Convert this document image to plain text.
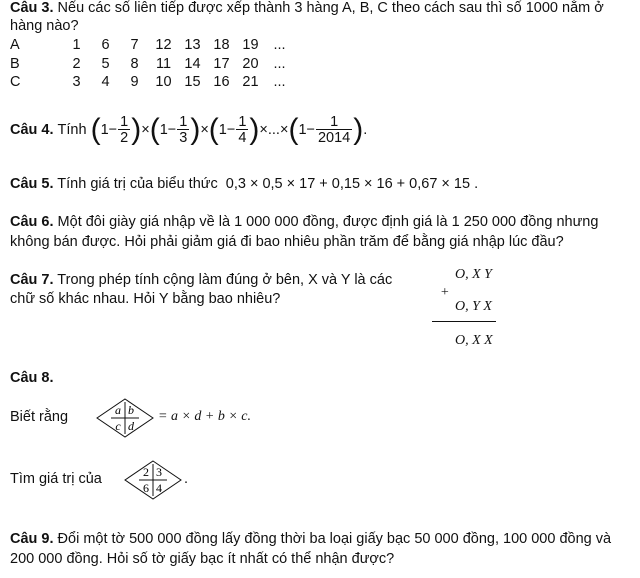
Câu 3. Nếu các số liên tiếp được xếp thành 3 hàng A, B, C theo cách sau thì số 1000 nằm ở
hàng nào?
A	1	6	7	12	13	18	19	...
B	2	5	8	11	14	17	20	...
C	3	4	9	10	15	16	21	...
Câu 4.
Tính
( $1 - \frac{1}{2}$ ) × ( $1 - \frac{1}{3}$ ) × ( $1 - \frac{1}{4}$ ) × ... × ( $1 - \frac{1}{2014}$ ) .
Câu 5. Tính giá trị của biểu thức 0,3 × 0,5 × 17 + 0,15 × 16 + 0,67 × 15 .
Câu 6. Một đôi giày giá nhập về là 1 000 000 đồng, được định giá là 1 250 000 đồng nhưng
không bán được. Hỏi phải giảm giá đi bao nhiêu phần trăm để bằng giá nhập lúc đầu?
Câu 7. Trong phép tính cộng làm đúng ở bên, X và Y là các
chữ số khác nhau. Hỏi Y bằng bao nhiêu?
O, X Y
+
O, Y X
O, X X
Câu 8.
Biết rằng	a b
c d
= a × d + b × c.
Tìm giá trị của	2 3
6 4
.
Câu 9. Đổi một tờ 500 000 đồng lấy đồng thời ba loại giấy bạc 50 000 đồng, 100 000 đồng và
200 000 đồng. Hỏi số tờ giấy bạc ít nhất có thể nhận được?
